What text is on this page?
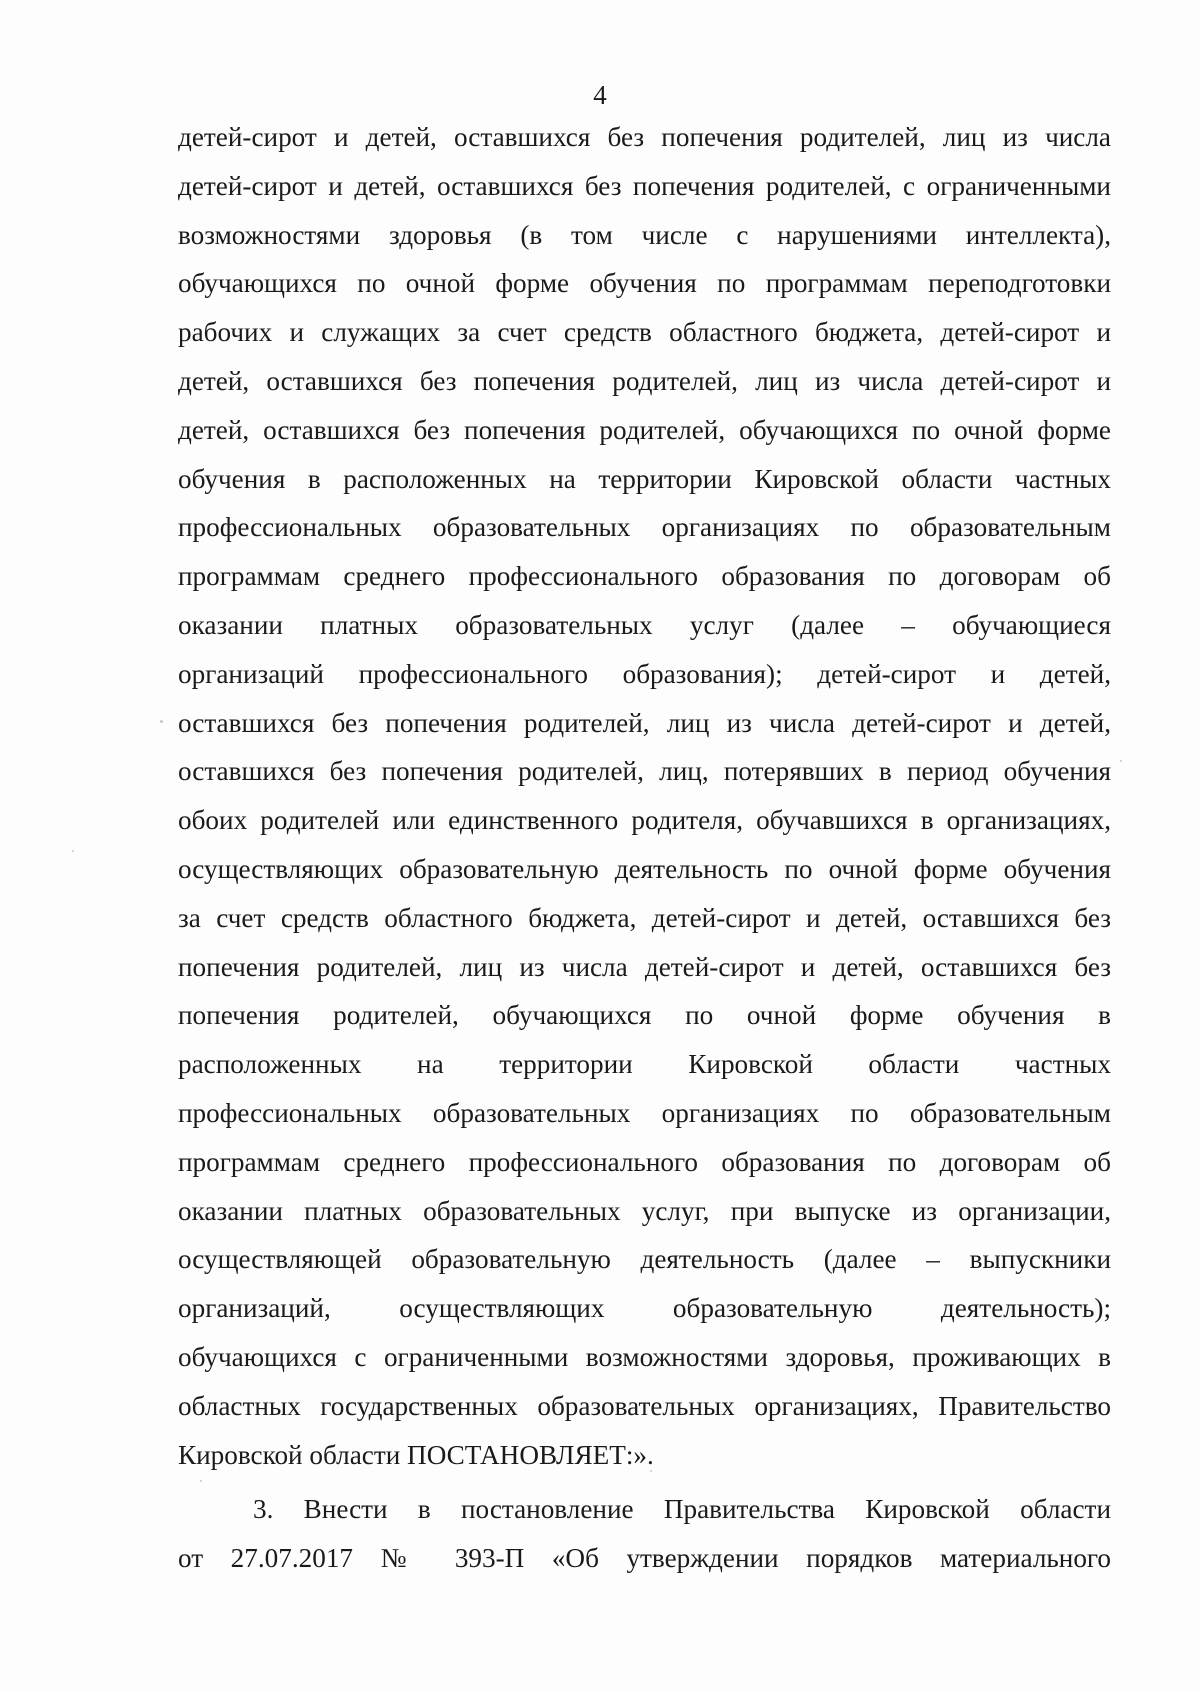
4
детей-сирот и детей, оставшихся без попечения родителей, лиц из числа
детей-сирот и детей, оставшихся без попечения родителей, с ограниченными
возможностями здоровья (в том числе с нарушениями интеллекта),
обучающихся по очной форме обучения по программам переподготовки
рабочих и служащих за счет средств областного бюджета, детей-сирот и
детей, оставшихся без попечения родителей, лиц из числа детей-сирот и
детей, оставшихся без попечения родителей, обучающихся по очной форме
обучения в расположенных на территории Кировской области частных
профессиональных образовательных организациях по образовательным
программам среднего профессионального образования по договорам об
оказании платных образовательных услуг (далее – обучающиеся
организаций профессионального образования); детей-сирот и детей,
оставшихся без попечения родителей, лиц из числа детей-сирот и детей,
оставшихся без попечения родителей, лиц, потерявших в период обучения
обоих родителей или единственного родителя, обучавшихся в организациях,
осуществляющих образовательную деятельность по очной форме обучения
за счет средств областного бюджета, детей-сирот и детей, оставшихся без
попечения родителей, лиц из числа детей-сирот и детей, оставшихся без
попечения родителей, обучающихся по очной форме обучения в
расположенных на территории Кировской области частных
профессиональных образовательных организациях по образовательным
программам среднего профессионального образования по договорам об
оказании платных образовательных услуг, при выпуске из организации,
осуществляющей образовательную деятельность (далее – выпускники
организаций, осуществляющих образовательную деятельность);
обучающихся с ограниченными возможностями здоровья, проживающих в
областных государственных образовательных организациях, Правительство
Кировской области ПОСТАНОВЛЯЕТ:».
3. Внести в постановление Правительства Кировской области
от 27.07.2017 № 393-П «Об утверждении порядков материального
